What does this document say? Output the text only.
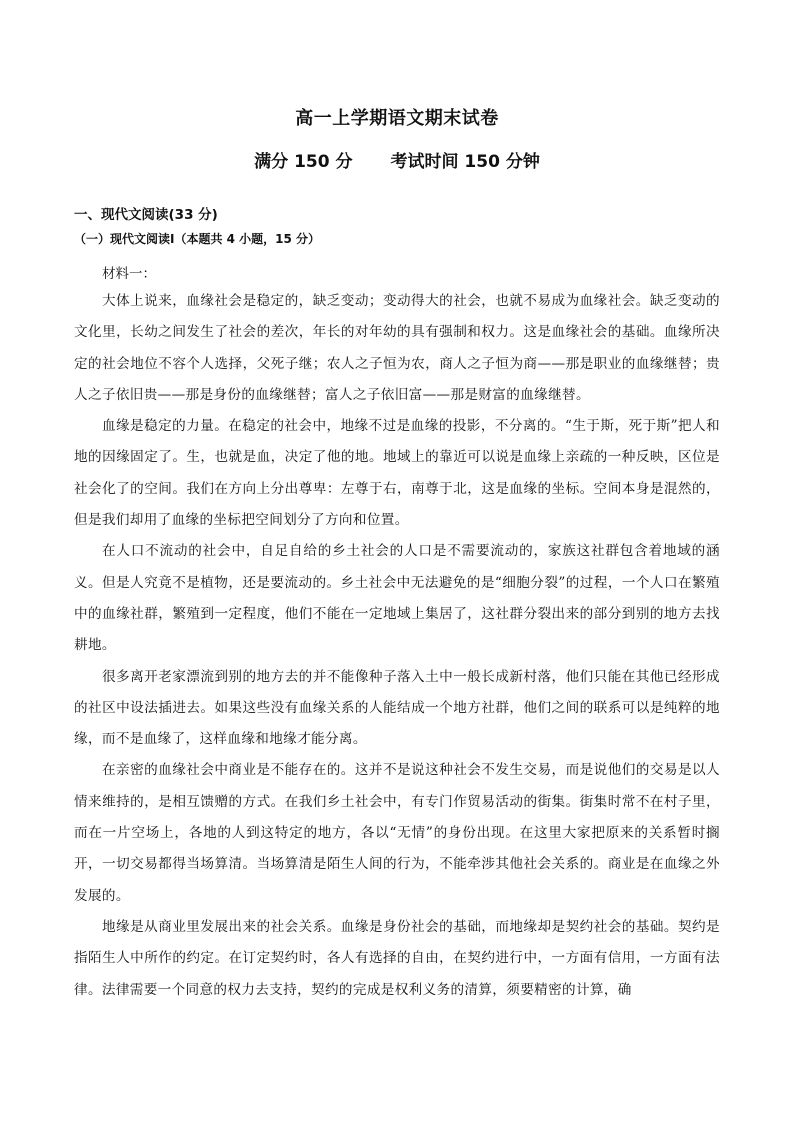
高一上学期语文期末试卷
满分 150 分 考试时间 150 分钟
一、现代文阅读(33 分)
（一）现代文阅读Ⅰ（本题共 4 小题，15 分）

材料一：

大体上说来，血缘社会是稳定的，缺乏变动；变动得大的社会，也就不易成为血缘社会。缺乏变动的文化里，长幼之间发生了社会的差次，年长的对年幼的具有强制和权力。这是血缘社会的基础。血缘所决定的社会地位不容个人选择，父死子继；农人之子恒为农，商人之子恒为商——那是职业的血缘继替；贵人之子依旧贵——那是身份的血缘继替；富人之子依旧富——那是财富的血缘继替。

血缘是稳定的力量。在稳定的社会中，地缘不过是血缘的投影，不分离的。“生于斯，死于斯”把人和地的因缘固定了。生，也就是血，决定了他的地。地域上的靠近可以说是血缘上亲疏的一种反映，区位是社会化了的空间。我们在方向上分出尊卑：左尊于右，南尊于北，这是血缘的坐标。空间本身是混然的，但是我们却用了血缘的坐标把空间划分了方向和位置。

在人口不流动的社会中，自足自给的乡土社会的人口是不需要流动的，家族这社群包含着地域的涵义。但是人究竟不是植物，还是要流动的。乡土社会中无法避免的是“细胞分裂”的过程，一个人口在繁殖中的血缘社群，繁殖到一定程度，他们不能在一定地域上集居了，这社群分裂出来的部分到别的地方去找耕地。

很多离开老家漂流到别的地方去的并不能像种子落入土中一般长成新村落，他们只能在其他已经形成的社区中设法插进去。如果这些没有血缘关系的人能结成一个地方社群，他们之间的联系可以是纯粹的地缘，而不是血缘了，这样血缘和地缘才能分离。

在亲密的血缘社会中商业是不能存在的。这并不是说这种社会不发生交易，而是说他们的交易是以人情来维持的，是相互馈赠的方式。在我们乡土社会中，有专门作贸易活动的街集。街集时常不在村子里，而在一片空场上，各地的人到这特定的地方，各以“无情”的身份出现。在这里大家把原来的关系暂时搁开，一切交易都得当场算清。当场算清是陌生人间的行为，不能牵涉其他社会关系的。商业是在血缘之外发展的。

地缘是从商业里发展出来的社会关系。血缘是身份社会的基础，而地缘却是契约社会的基础。契约是指陌生人中所作的约定。在订定契约时，各人有选择的自由，在契约进行中，一方面有信用，一方面有法律。法律需要一个同意的权力去支持，契约的完成是权利义务的清算，须要精密的计算，确
